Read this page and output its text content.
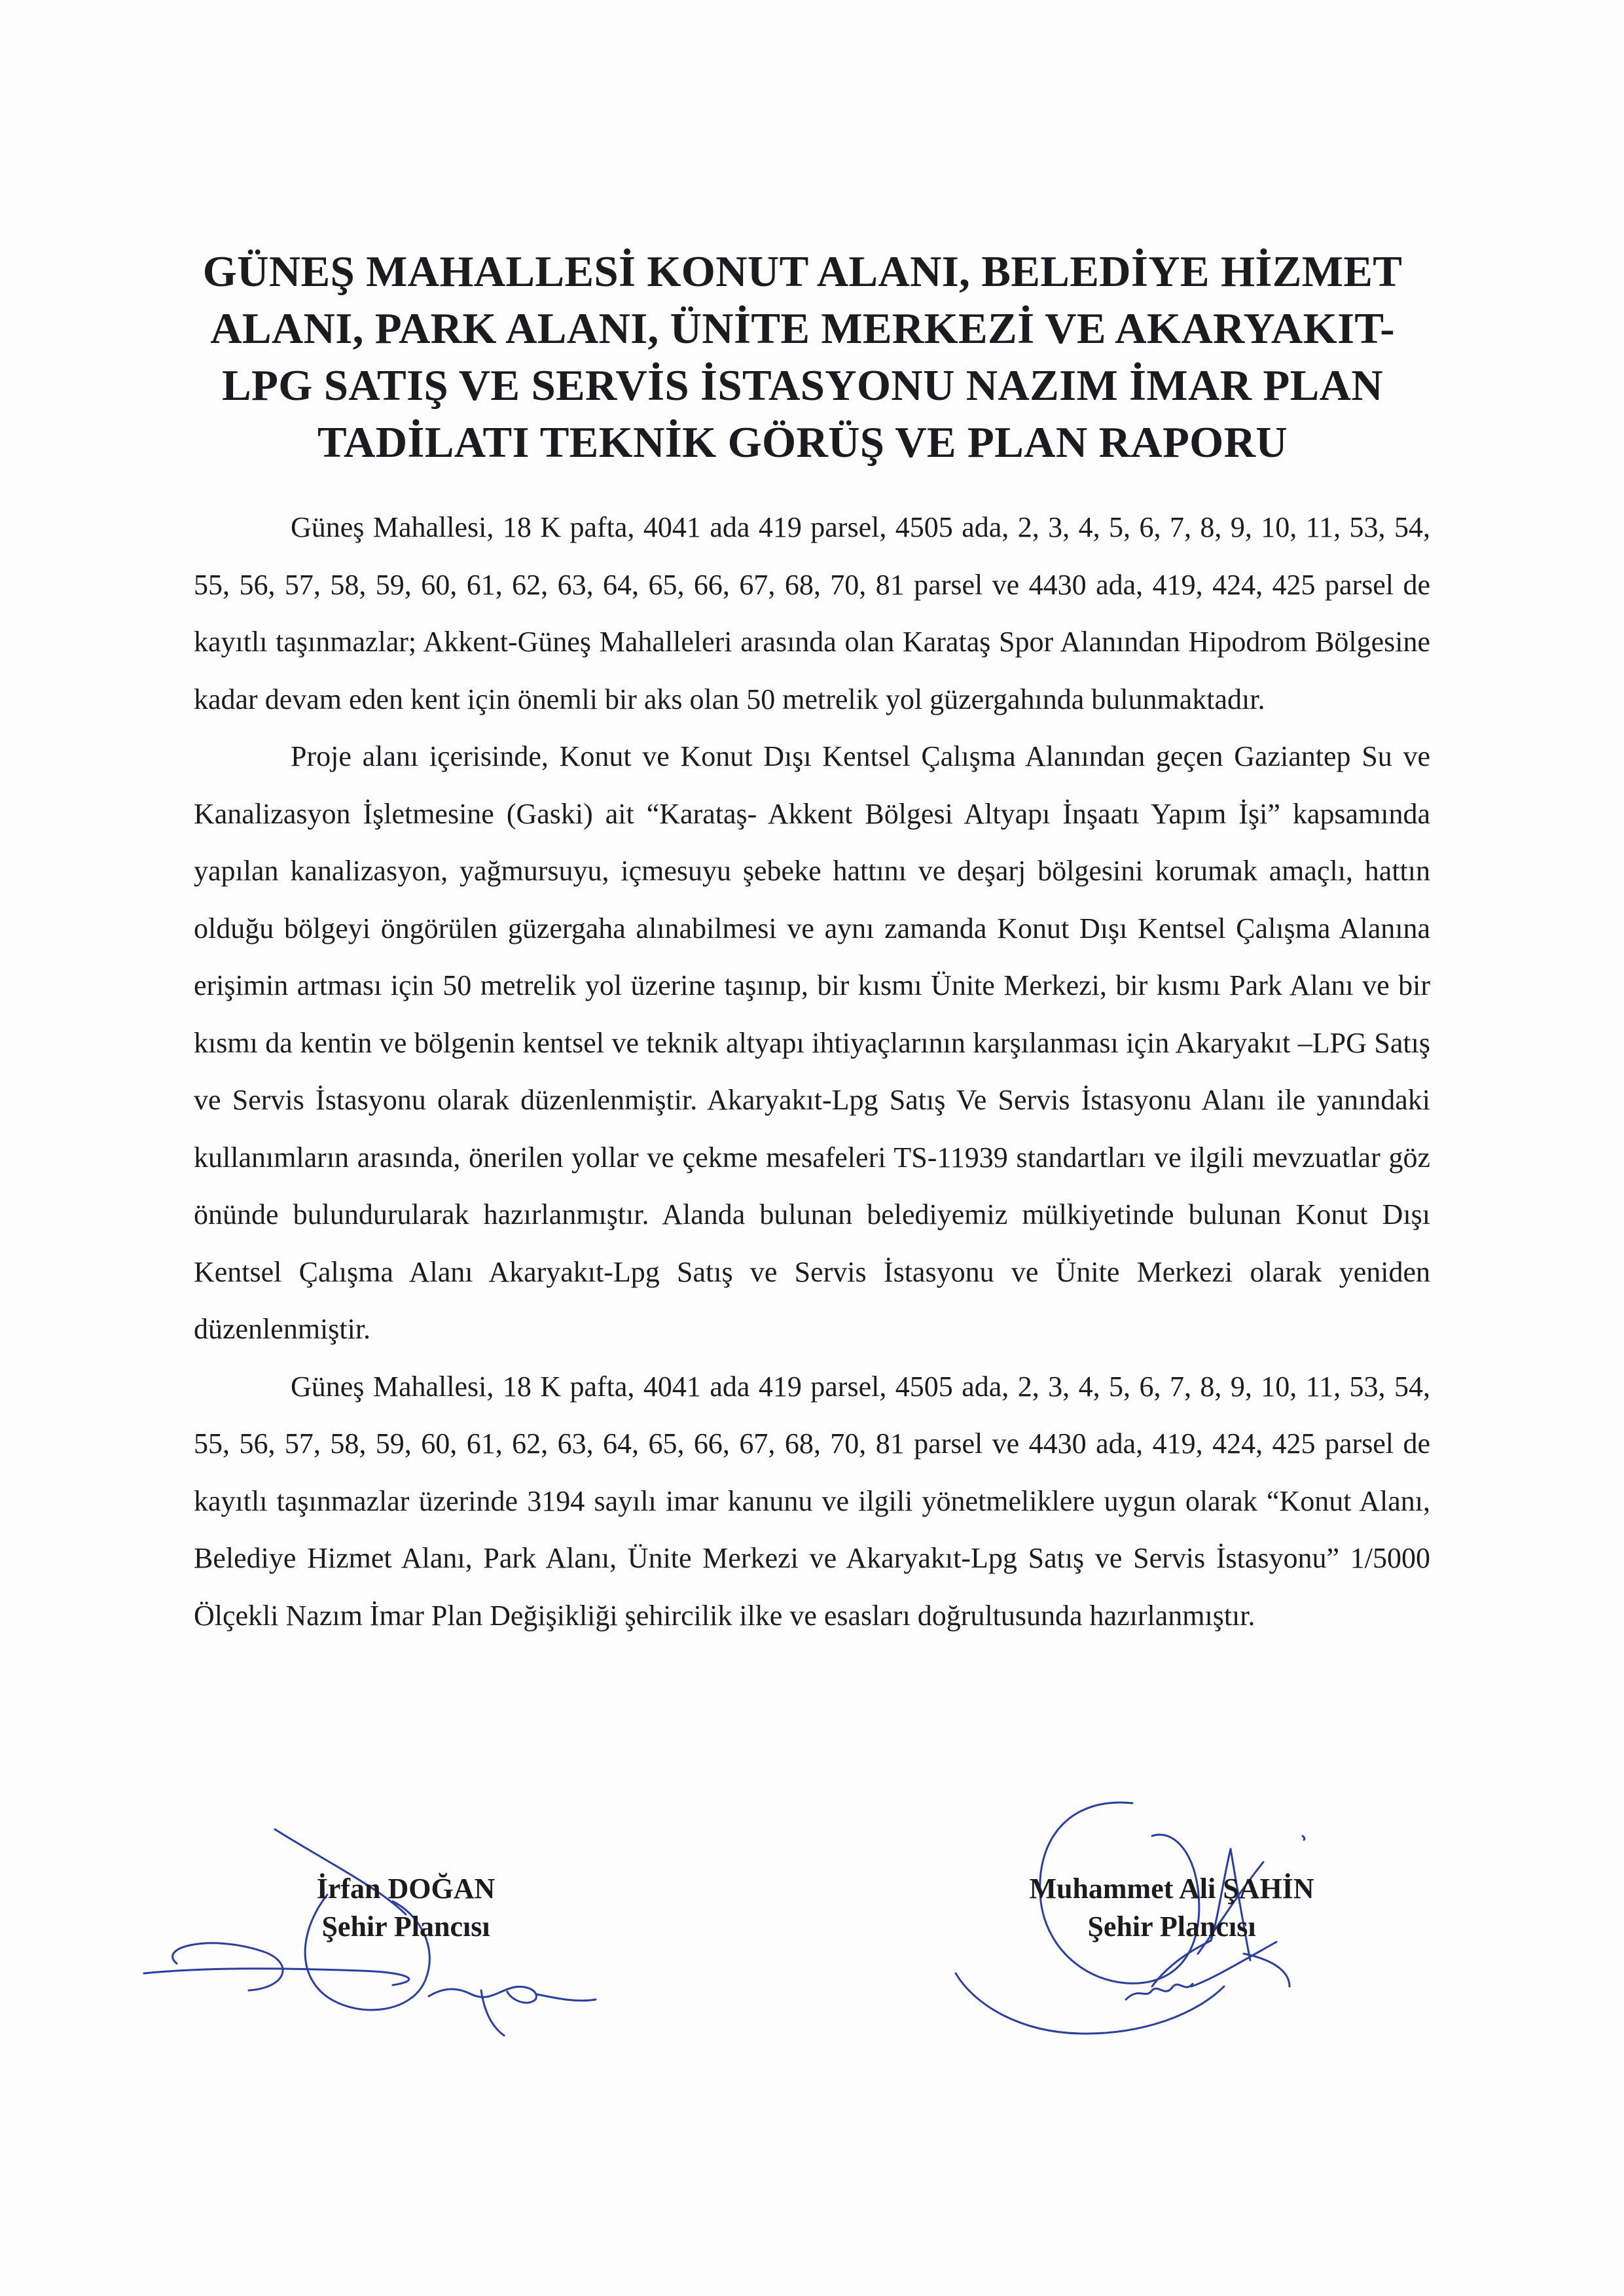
GÜNEŞ MAHALLESİ KONUT ALANI, BELEDİYE HİZMET
ALANI, PARK ALANI, ÜNİTE MERKEZİ VE AKARYAKIT-
LPG SATIŞ VE SERVİS İSTASYONU NAZIM İMAR PLAN
TADİLATI TEKNİK GÖRÜŞ VE PLAN RAPORU

Güneş Mahallesi, 18 K pafta, 4041 ada 419 parsel, 4505 ada, 2, 3, 4, 5, 6, 7, 8, 9, 10, 11, 53, 54, 55, 56, 57, 58, 59, 60, 61, 62, 63, 64, 65, 66, 67, 68, 70, 81 parsel ve 4430 ada, 419, 424, 425 parsel de kayıtlı taşınmazlar; Akkent-Güneş Mahalleleri arasında olan Karataş Spor Alanından Hipodrom Bölgesine kadar devam eden kent için önemli bir aks olan 50 metrelik yol güzergahında bulunmaktadır.

Proje alanı içerisinde, Konut ve Konut Dışı Kentsel Çalışma Alanından geçen Gaziantep Su ve Kanalizasyon İşletmesine (Gaski) ait “Karataş- Akkent Bölgesi Altyapı İnşaatı Yapım İşi” kapsamında yapılan kanalizasyon, yağmursuyu, içmesuyu şebeke hattını ve deşarj bölgesini korumak amaçlı, hattın olduğu bölgeyi öngörülen güzergaha alınabilmesi ve aynı zamanda Konut Dışı Kentsel Çalışma Alanına erişimin artması için 50 metrelik yol üzerine taşınıp, bir kısmı Ünite Merkezi, bir kısmı Park Alanı ve bir kısmı da kentin ve bölgenin kentsel ve teknik altyapı ihtiyaçlarının karşılanması için Akaryakıt –LPG Satış ve Servis İstasyonu olarak düzenlenmiştir. Akaryakıt-Lpg Satış Ve Servis İstasyonu Alanı ile yanındaki kullanımların arasında, önerilen yollar ve çekme mesafeleri TS-11939 standartları ve ilgili mevzuatlar göz önünde bulundurularak hazırlanmıştır. Alanda bulunan belediyemiz mülkiyetinde bulunan Konut Dışı Kentsel Çalışma Alanı Akaryakıt-Lpg Satış ve Servis İstasyonu ve Ünite Merkezi olarak yeniden düzenlenmiştir.

Güneş Mahallesi, 18 K pafta, 4041 ada 419 parsel, 4505 ada, 2, 3, 4, 5, 6, 7, 8, 9, 10, 11, 53, 54, 55, 56, 57, 58, 59, 60, 61, 62, 63, 64, 65, 66, 67, 68, 70, 81 parsel ve 4430 ada, 419, 424, 425 parsel de kayıtlı taşınmazlar üzerinde 3194 sayılı imar kanunu ve ilgili yönetmeliklere uygun olarak “Konut Alanı, Belediye Hizmet Alanı, Park Alanı, Ünite Merkezi ve Akaryakıt-Lpg Satış ve Servis İstasyonu” 1/5000 Ölçekli Nazım İmar Plan Değişikliği şehircilik ilke ve esasları doğrultusunda hazırlanmıştır.

İrfan DOĞAN
Şehir Plancısı
Muhammet Ali ŞAHİN
Şehir Plancısı
